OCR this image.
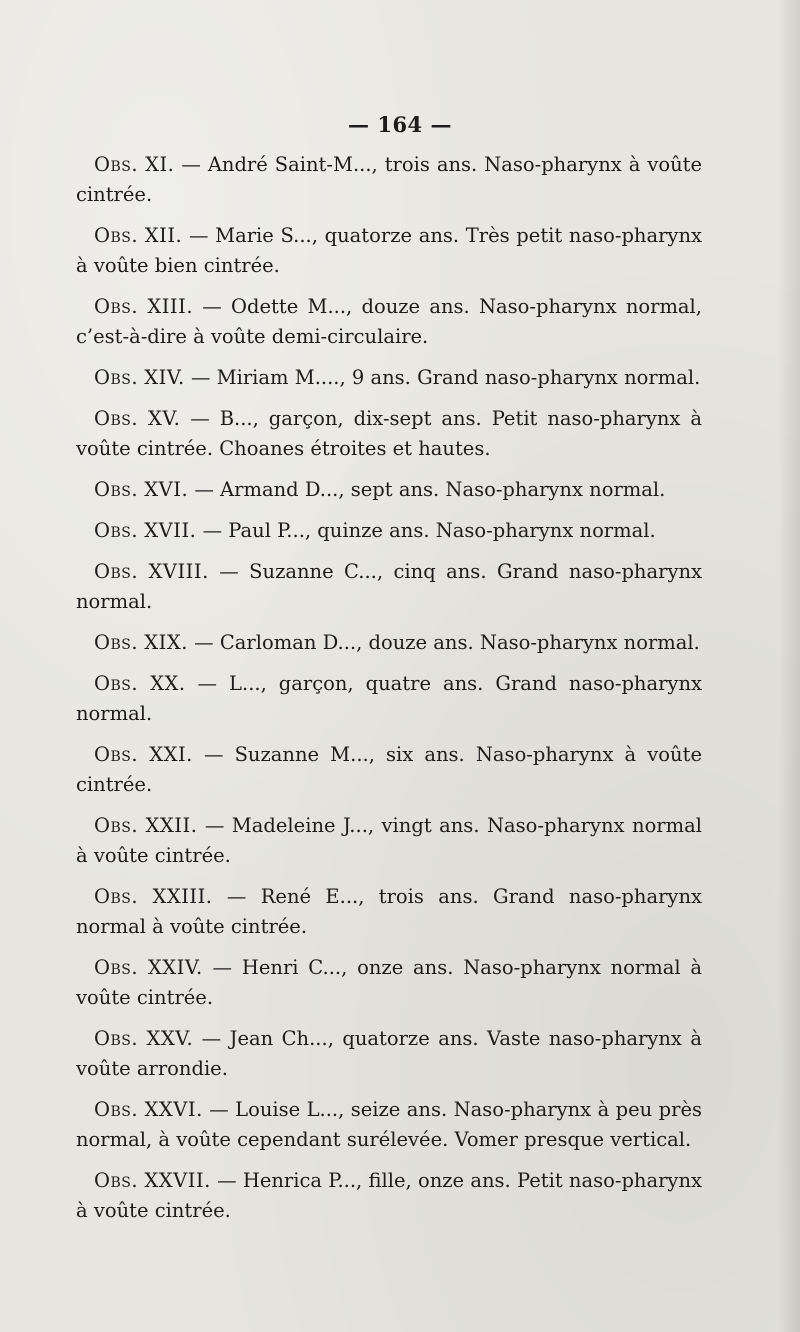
— 164 —

Obs. XI. — André Saint-M..., trois ans. Naso-pharynx à voûte cintrée.

Obs. XII. — Marie S..., quatorze ans. Très petit naso-pharynx à voûte bien cintrée.

Obs. XIII. — Odette M..., douze ans. Naso-pharynx normal, c’est-à-dire à voûte demi-circulaire.

Obs. XIV. — Miriam M...., 9 ans. Grand naso-pharynx normal.

Obs. XV. — B..., garçon, dix-sept ans. Petit naso-pharynx à voûte cintrée. Choanes étroites et hautes.

Obs. XVI. — Armand D..., sept ans. Naso-pharynx normal.

Obs. XVII. — Paul P..., quinze ans. Naso-pharynx normal.

Obs. XVIII. — Suzanne C..., cinq ans. Grand naso-pharynx normal.

Obs. XIX. — Carloman D..., douze ans. Naso-pharynx normal.

Obs. XX. — L..., garçon, quatre ans. Grand naso-pharynx normal.

Obs. XXI. — Suzanne M..., six ans. Naso-pharynx à voûte cintrée.

Obs. XXII. — Madeleine J..., vingt ans. Naso-pharynx normal à voûte cintrée.

Obs. XXIII. — René E..., trois ans. Grand naso-pharynx normal à voûte cintrée.

Obs. XXIV. — Henri C..., onze ans. Naso-pharynx normal à voûte cintrée.

Obs. XXV. — Jean Ch..., quatorze ans. Vaste naso-pharynx à voûte arrondie.

Obs. XXVI. — Louise L..., seize ans. Naso-pharynx à peu près normal, à voûte cependant surélevée. Vomer presque vertical.

Obs. XXVII. — Henrica P..., fille, onze ans. Petit naso-pharynx à voûte cintrée.
